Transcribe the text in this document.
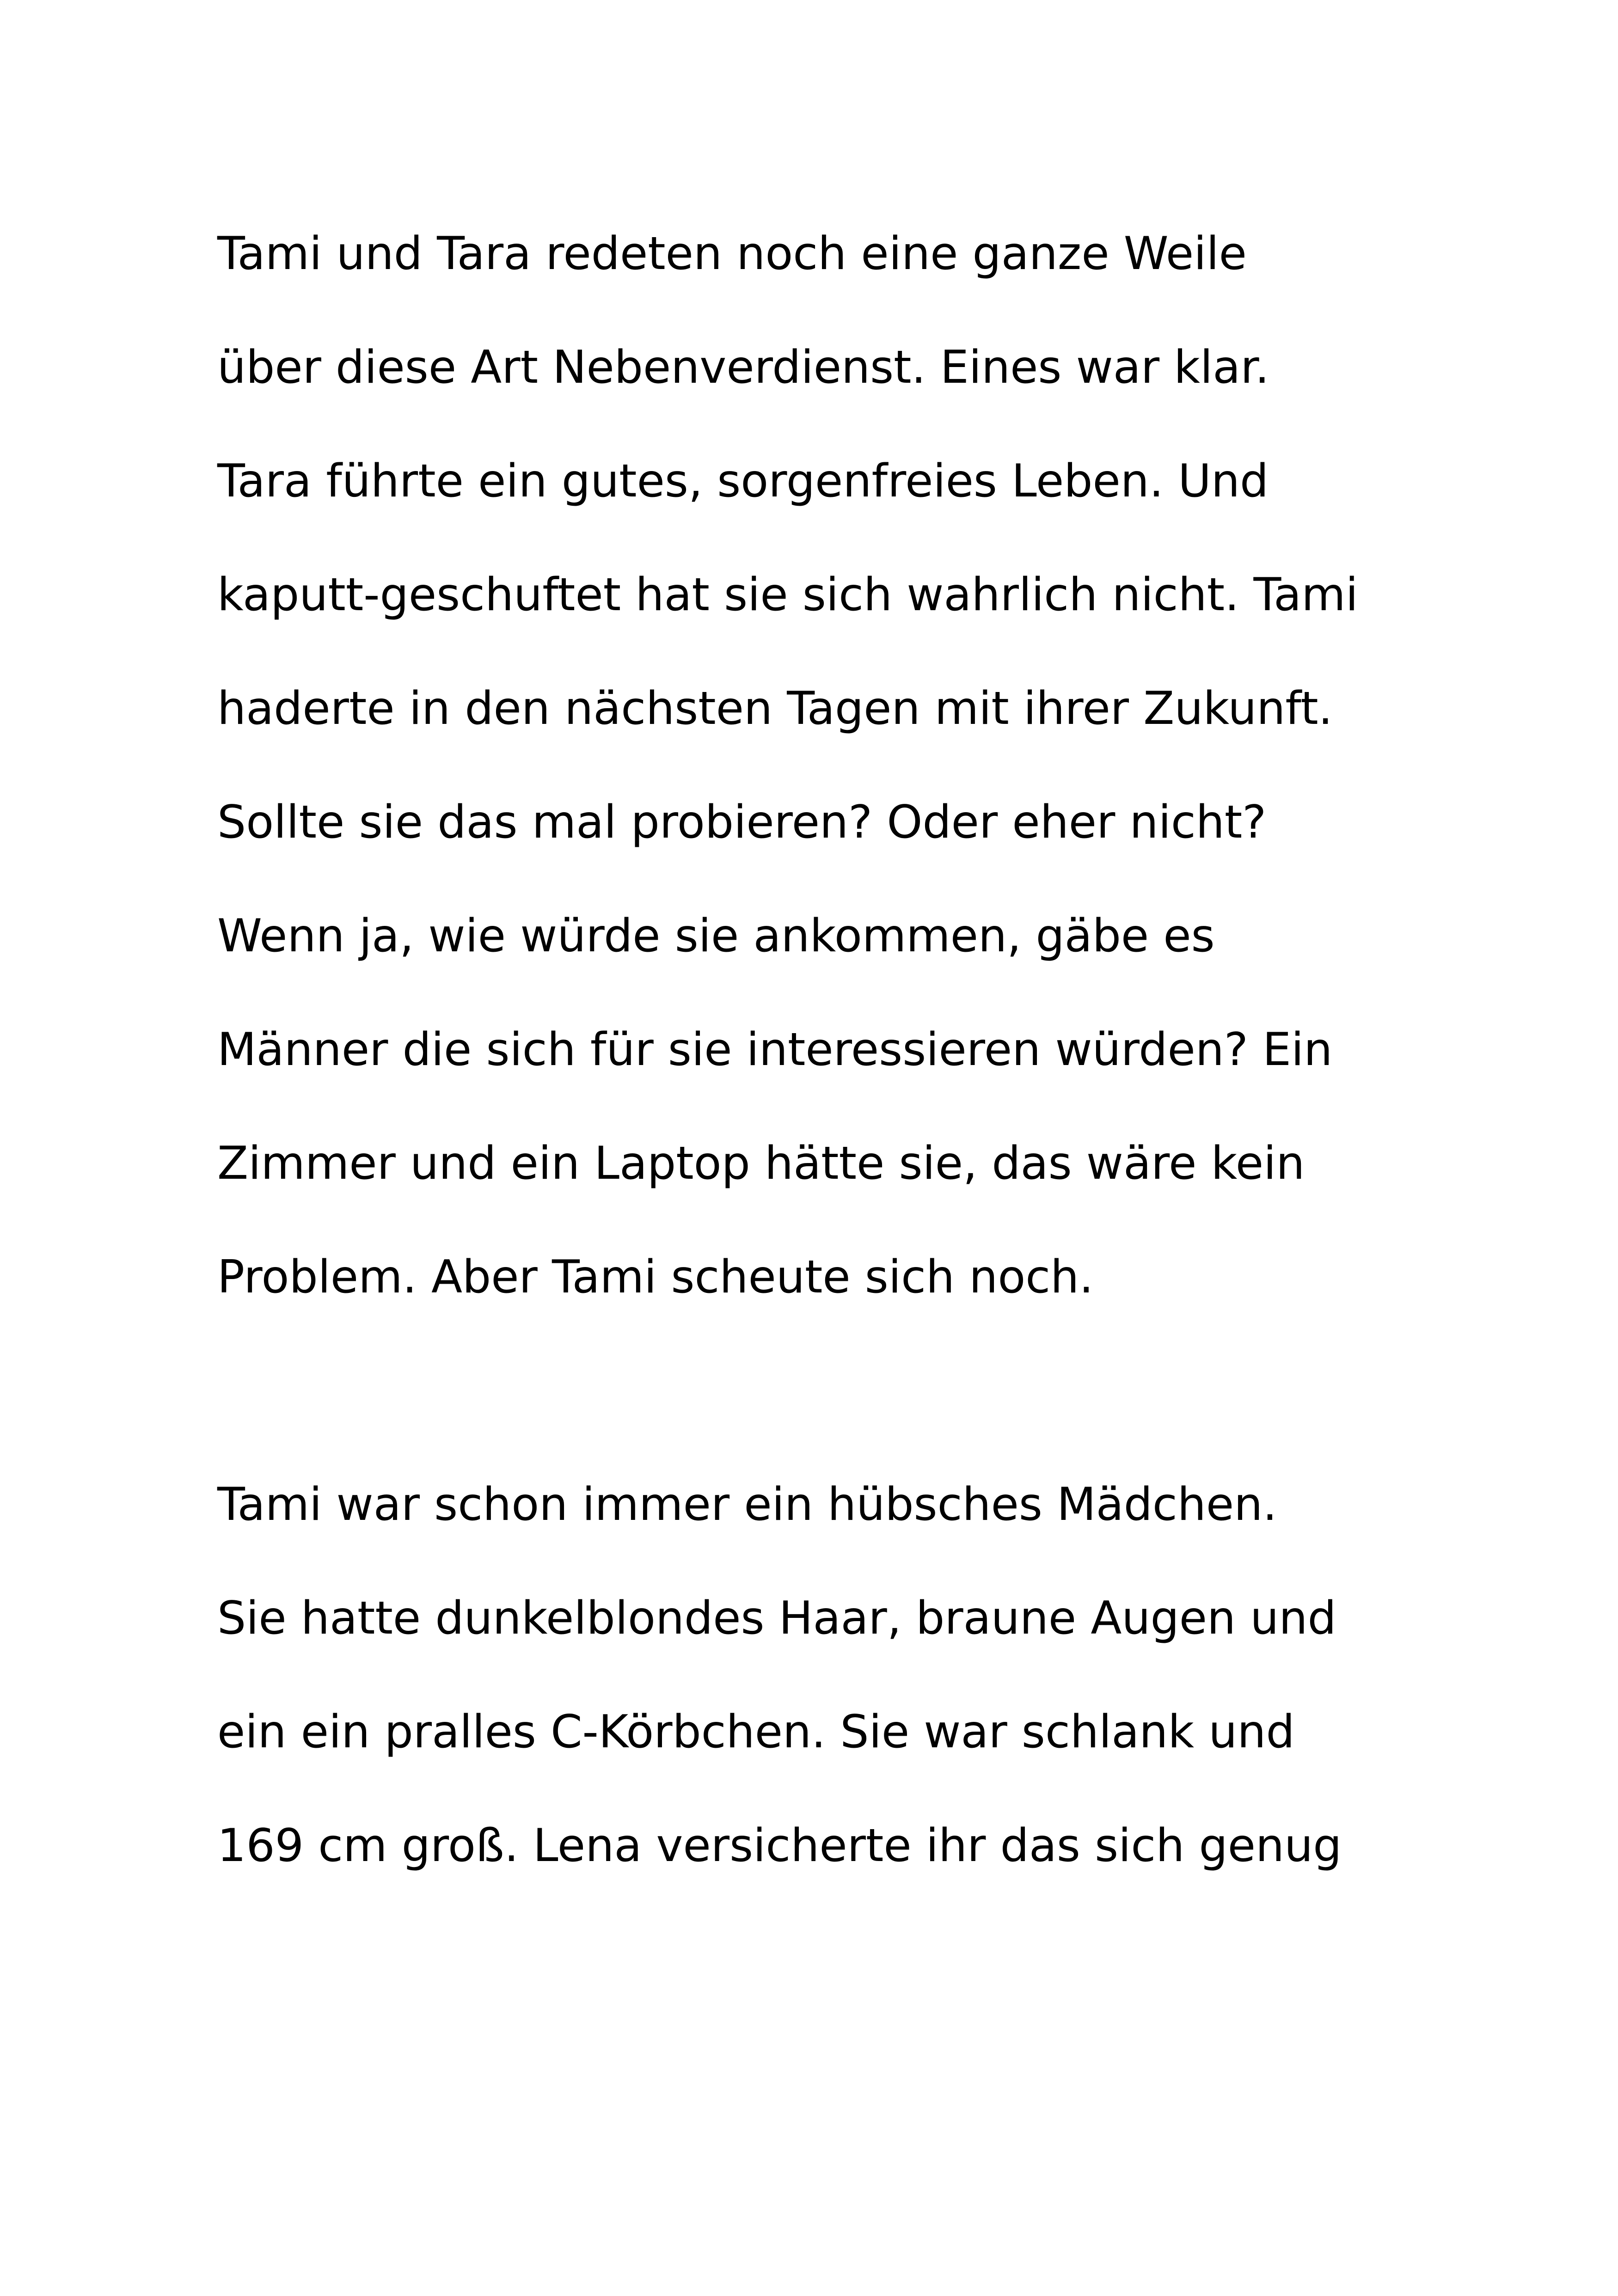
Tami und Tara redeten noch eine ganze Weile
über diese Art Nebenverdienst. Eines war klar.
Tara führte ein gutes, sorgenfreies Leben. Und
kaputt-geschuftet hat sie sich wahrlich nicht. Tami
haderte in den nächsten Tagen mit ihrer Zukunft.
Sollte sie das mal probieren? Oder eher nicht?
Wenn ja, wie würde sie ankommen, gäbe es
Männer die sich für sie interessieren würden? Ein
Zimmer und ein Laptop hätte sie, das wäre kein
Problem. Aber Tami scheute sich noch.
Tami war schon immer ein hübsches Mädchen.
Sie hatte dunkelblondes Haar, braune Augen und
ein ein pralles C-Körbchen. Sie war schlank und
169 cm groß. Lena versicherte ihr das sich genug
